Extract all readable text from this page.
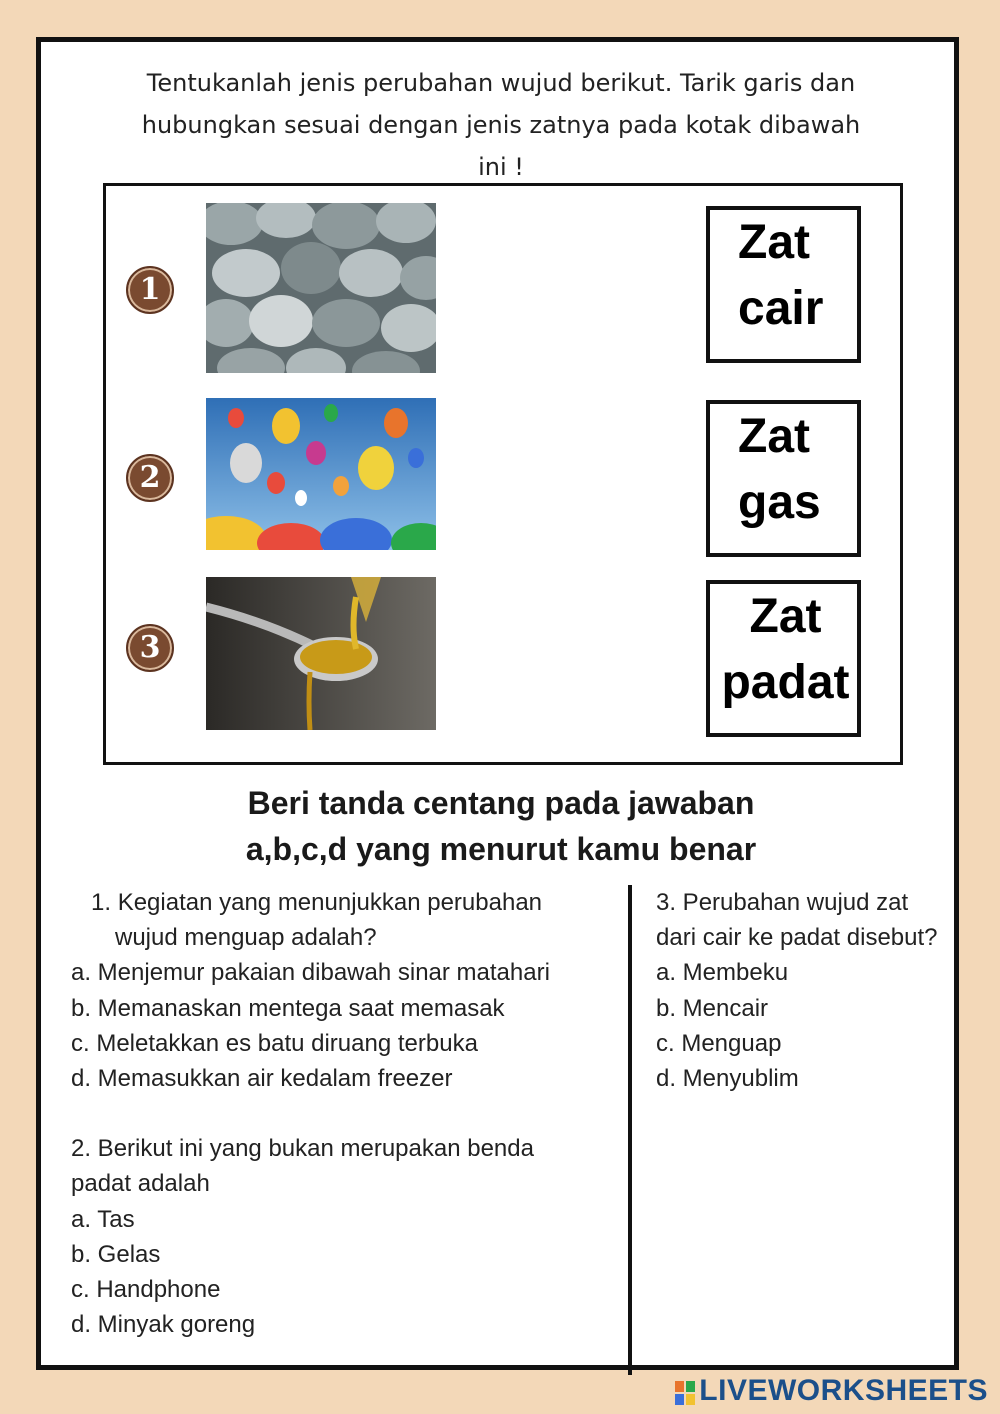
Tentukanlah jenis perubahan wujud berikut. Tarik garis dan
hubungkan sesuai dengan jenis zatnya pada kotak dibawah
ini !
1
Zat
cair
2
Zat
gas
3
Zat
padat
Beri tanda centang pada jawaban
a,b,c,d yang menurut kamu benar
1. Kegiatan yang menunjukkan perubahan
wujud menguap adalah?
a. Menjemur pakaian dibawah sinar matahari
b. Memanaskan mentega saat memasak
c. Meletakkan es batu diruang terbuka
d. Memasukkan air kedalam freezer
2. Berikut ini yang bukan merupakan benda
padat adalah
a. Tas
b. Gelas
c. Handphone
d. Minyak goreng
3. Perubahan wujud zat
dari cair ke padat disebut?
a. Membeku
b. Mencair
c. Menguap
d. Menyublim
LIVEWORKSHEETS
